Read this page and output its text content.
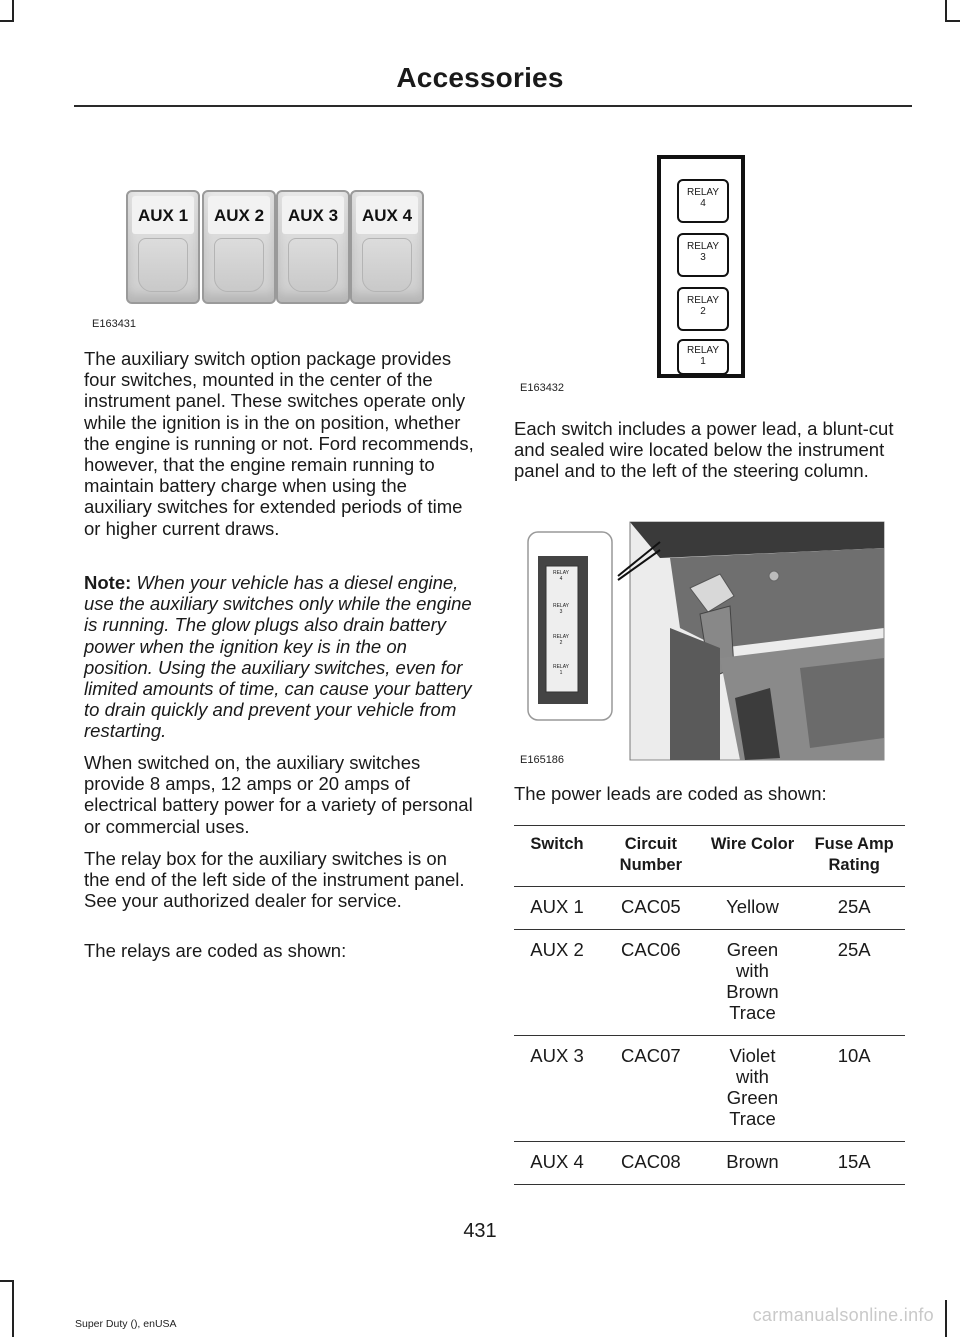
Accessories
AUX 1	AUX 2	AUX 3	AUX 4
E163431
RELAY
4
RELAY
3
RELAY
2
RELAY
1
E163432

The auxiliary switch option package provides four switches, mounted in the center of the instrument panel. These switches operate only while the ignition is in the on position, whether the engine is running or not. Ford recommends, however, that the engine remain running to maintain battery charge when using the auxiliary switches for extended periods of time or higher current draws.

Note: When your vehicle has a diesel engine, use the auxiliary switches only while the engine is running. The glow plugs also drain battery power when the ignition key is in the on position. Using the auxiliary switches, even for limited amounts of time, can cause your battery to drain quickly and prevent your vehicle from restarting.

When switched on, the auxiliary switches provide 8 amps, 12 amps or 20 amps of electrical battery power for a variety of personal or commercial uses.

The relay box for the auxiliary switches is on the end of the left side of the instrument panel. See your authorized dealer for service.

The relays are coded as shown:

Each switch includes a power lead, a blunt-cut and sealed wire located below the instrument panel and to the left of the steering column.

RELAY
4
RELAY
3
RELAY
2
RELAY
1
E165186

The power leads are coded as shown:

Switch	Circuit Number	Wire Color	Fuse Amp Rating
AUX 1	CAC05	Yellow	25A
AUX 2	CAC06	Green with Brown Trace	25A
AUX 3	CAC07	Violet with Green Trace	10A
AUX 4	CAC08	Brown	15A
431
Super Duty (), enUSA	carmanualsonline.info
